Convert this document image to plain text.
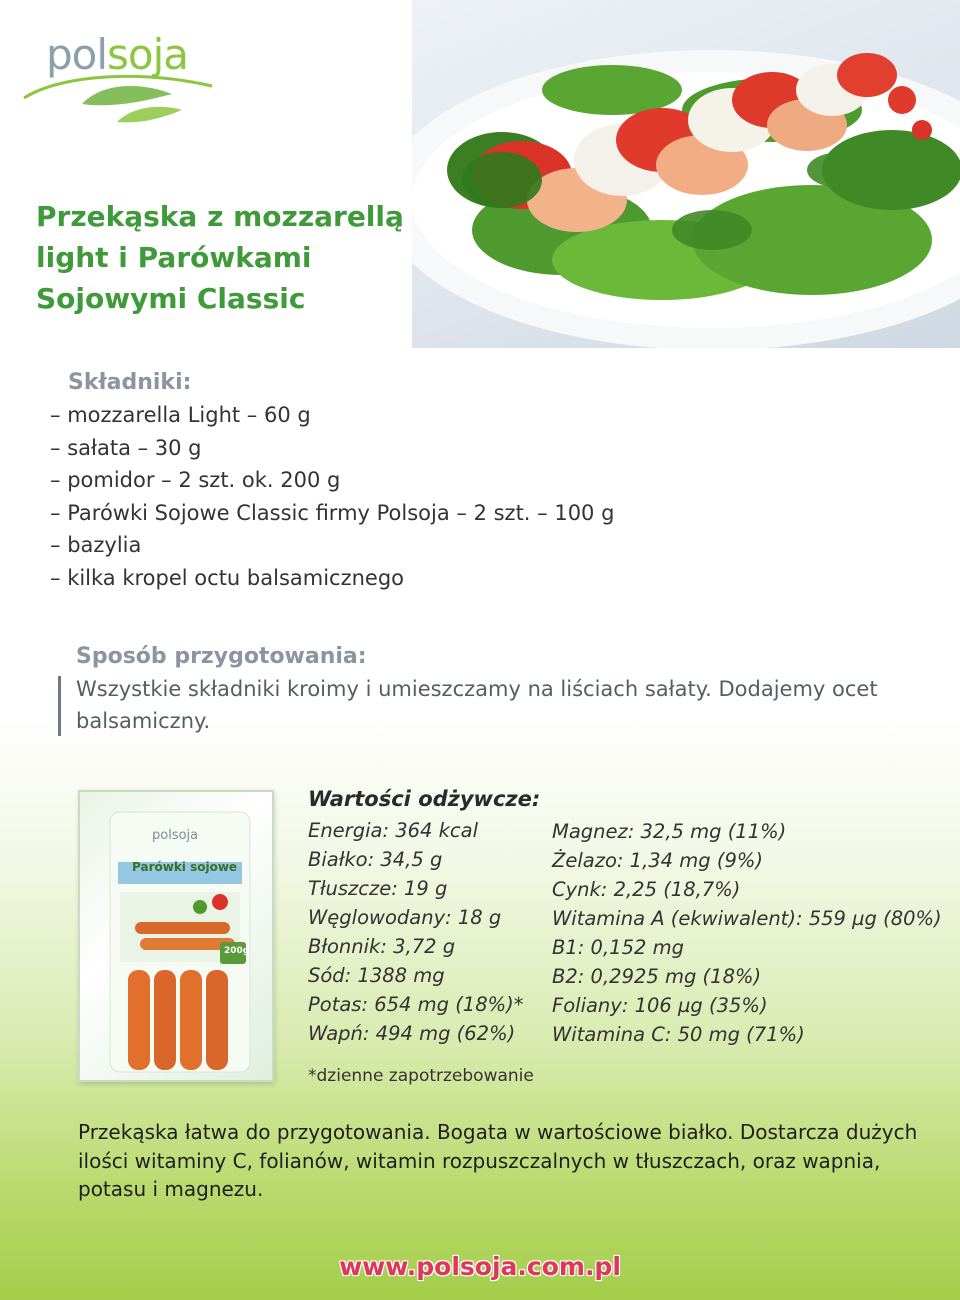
polsoja
Przekąska z mozzarellą
light i Parówkami
Sojowymi Classic
Składniki:
– mozzarella Light – 60 g
– sałata – 30 g
– pomidor – 2 szt. ok. 200 g
– Parówki Sojowe Classic firmy Polsoja – 2 szt. – 100 g
– bazylia
– kilka kropel octu balsamicznego
Sposób przygotowania:
Wszystkie składniki kroimy i umieszczamy na liściach sałaty. Dodajemy ocet balsamiczny.
polsoja
Parówki sojowe
200g
Wartości odżywcze:
Energia: 364 kcal
Białko: 34,5 g
Tłuszcze: 19 g
Węglowodany: 18 g
Błonnik: 3,72 g
Sód: 1388 mg
Potas: 654 mg (18%)*
Wapń: 494 mg (62%)
Magnez: 32,5 mg (11%)
Żelazo: 1,34 mg (9%)
Cynk: 2,25 (18,7%)
Witamina A (ekwiwalent): 559 µg (80%)
B1: 0,152 mg
B2: 0,2925 mg (18%)
Foliany: 106 µg (35%)
Witamina C: 50 mg (71%)
*dzienne zapotrzebowanie
Przekąska łatwa do przygotowania. Bogata w wartościowe białko. Dostarcza dużych ilości witaminy C, folianów, witamin rozpuszczalnych w tłuszczach, oraz wapnia, potasu i magnezu.
www.polsoja.com.pl
